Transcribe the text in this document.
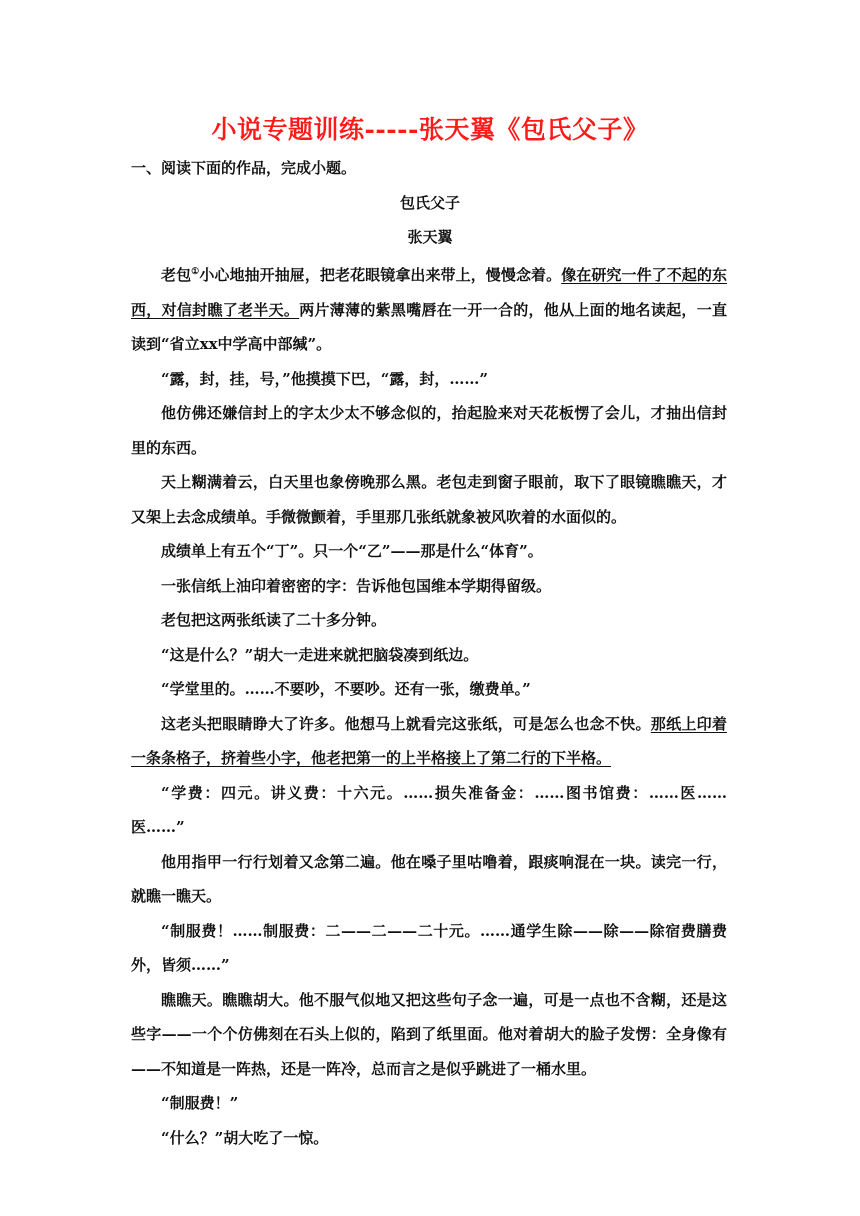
小说专题训练-----张天翼《包氏父子》
一、阅读下面的作品，完成小题。
包氏父子
张天翼

老包①小心地抽开抽屉，把老花眼镜拿出来带上，慢慢念着。像在研究一件了不起的东西，对信封瞧了老半天。两片薄薄的紫黑嘴唇在一开一合的，他从上面的地名读起，一直读到“省立xx中学高中部缄”。

“露，封，挂，号，”他摸摸下巴，“露，封，……”

他仿佛还嫌信封上的字太少太不够念似的，抬起脸来对天花板愣了会儿，才抽出信封里的东西。

天上糊满着云，白天里也象傍晚那么黑。老包走到窗子眼前，取下了眼镜瞧瞧天，才又架上去念成绩单。手微微颤着，手里那几张纸就象被风吹着的水面似的。

成绩单上有五个“丁”。只一个“乙”——那是什么“体育”。

一张信纸上油印着密密的字：告诉他包国维本学期得留级。

老包把这两张纸读了二十多分钟。

“这是什么？”胡大一走进来就把脑袋凑到纸边。

“学堂里的。……不要吵，不要吵。还有一张，缴费单。”

这老头把眼睛睁大了许多。他想马上就看完这张纸，可是怎么也念不快。那纸上印着一条条格子，挤着些小字，他老把第一的上半格接上了第二行的下半格。

“学费：四元。讲义费：十六元。……损失准备金：……图书馆费：……医……医……”

他用指甲一行行划着又念第二遍。他在嗓子里咕噜着，跟痰响混在一块。读完一行，就瞧一瞧天。

“制服费！……制服费：二——二——二十元。……通学生除——除——除宿费膳费外，皆须……”

瞧瞧天。瞧瞧胡大。他不服气似地又把这些句子念一遍，可是一点也不含糊，还是这些字——一个个仿佛刻在石头上似的，陷到了纸里面。他对着胡大的脸子发愣：全身像有——不知道是一阵热，还是一阵冷，总而言之是似乎跳进了一桶水里。

“制服费！”

“什么？”胡大吃了一惊。
